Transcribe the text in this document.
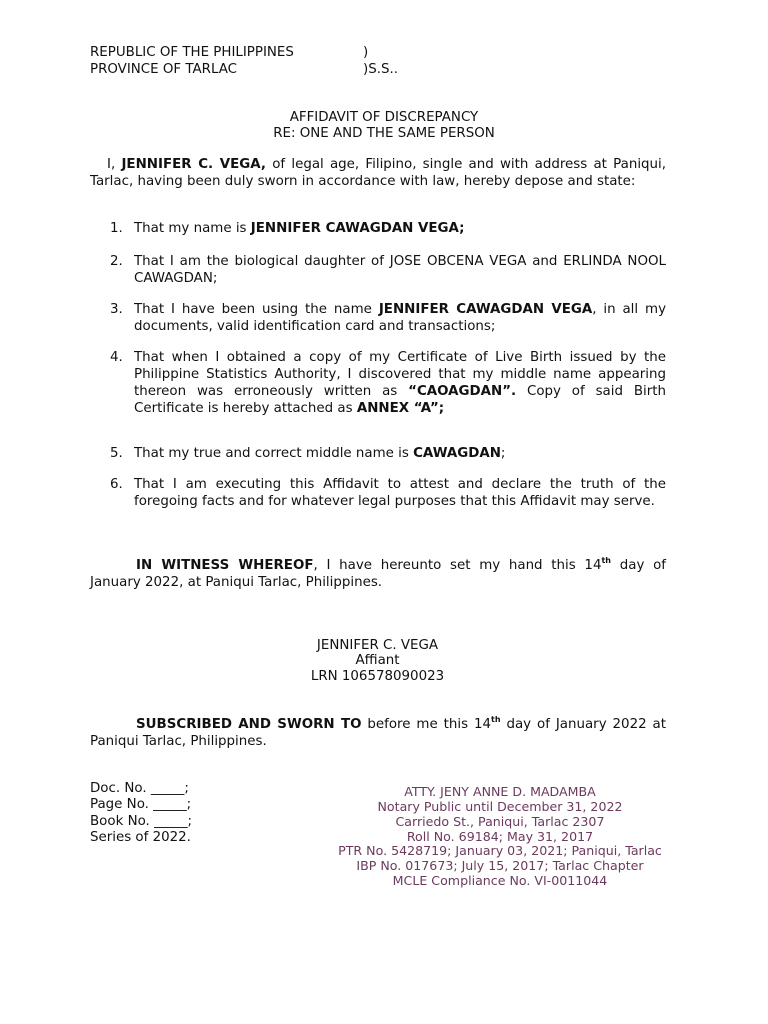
REPUBLIC OF THE PHILIPPINES	)
PROVINCE OF TARLAC	)S.S..
AFFIDAVIT OF DISCREPANCY
RE: ONE AND THE SAME PERSON
I, JENNIFER C. VEGA, of legal age, Filipino, single and with address at Paniqui, Tarlac, having been duly sworn in accordance with law, hereby depose and state:
1. That my name is JENNIFER CAWAGDAN VEGA;
2. That I am the biological daughter of JOSE OBCENA VEGA and ERLINDA NOOL CAWAGDAN;
3. That I have been using the name JENNIFER CAWAGDAN VEGA, in all my documents, valid identification card and transactions;
4. That when I obtained a copy of my Certificate of Live Birth issued by the Philippine Statistics Authority, I discovered that my middle name appearing thereon was erroneously written as “CAOAGDAN”. Copy of said Birth Certificate is hereby attached as ANNEX “A”;
5. That my true and correct middle name is CAWAGDAN;
6. That I am executing this Affidavit to attest and declare the truth of the foregoing facts and for whatever legal purposes that this Affidavit may serve.
IN WITNESS WHEREOF, I have hereunto set my hand this 14th day of January 2022, at Paniqui Tarlac, Philippines.
JENNIFER C. VEGA
Affiant
LRN 106578090023
SUBSCRIBED AND SWORN TO before me this 14th day of January 2022 at Paniqui Tarlac, Philippines.
Doc. No. _____;
Page No. _____;
Book No. _____;
Series of 2022.
ATTY. JENY ANNE D. MADAMBA
Notary Public until December 31, 2022
Carriedo St., Paniqui, Tarlac 2307
Roll No. 69184; May 31, 2017
PTR No. 5428719; January 03, 2021; Paniqui, Tarlac
IBP No. 017673; July 15, 2017; Tarlac Chapter
MCLE Compliance No. VI-0011044
